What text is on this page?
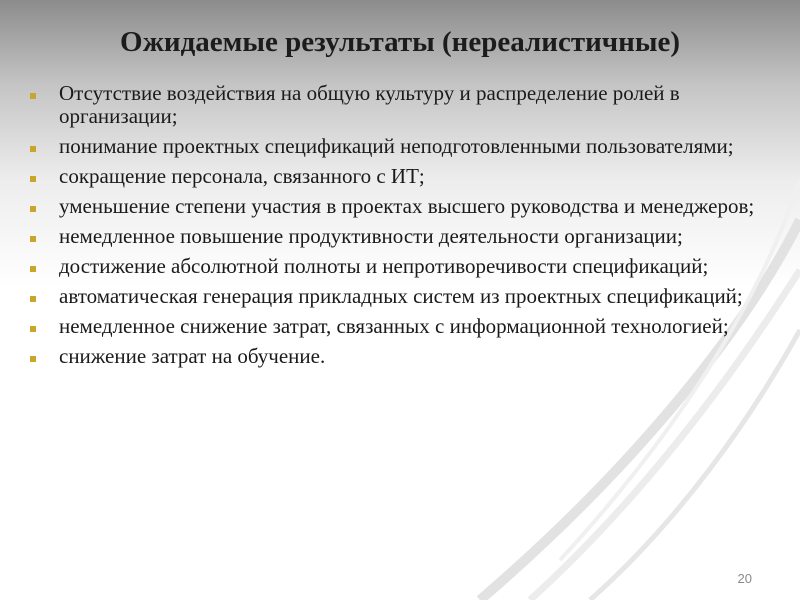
Ожидаемые результаты (нереалистичные)
Отсутствие воздействия на общую культуру и распределение ролей в организации;
понимание проектных спецификаций неподготовленными пользователями;
сокращение персонала, связанного с ИТ;
уменьшение степени участия в проектах высшего руководства и менеджеров;
немедленное повышение продуктивности деятельности организации;
достижение абсолютной полноты и непротиворечивости спецификаций;
автоматическая генерация прикладных систем из проектных спецификаций;
немедленное снижение затрат, связанных с информационной технологией;
снижение затрат на обучение.
20
